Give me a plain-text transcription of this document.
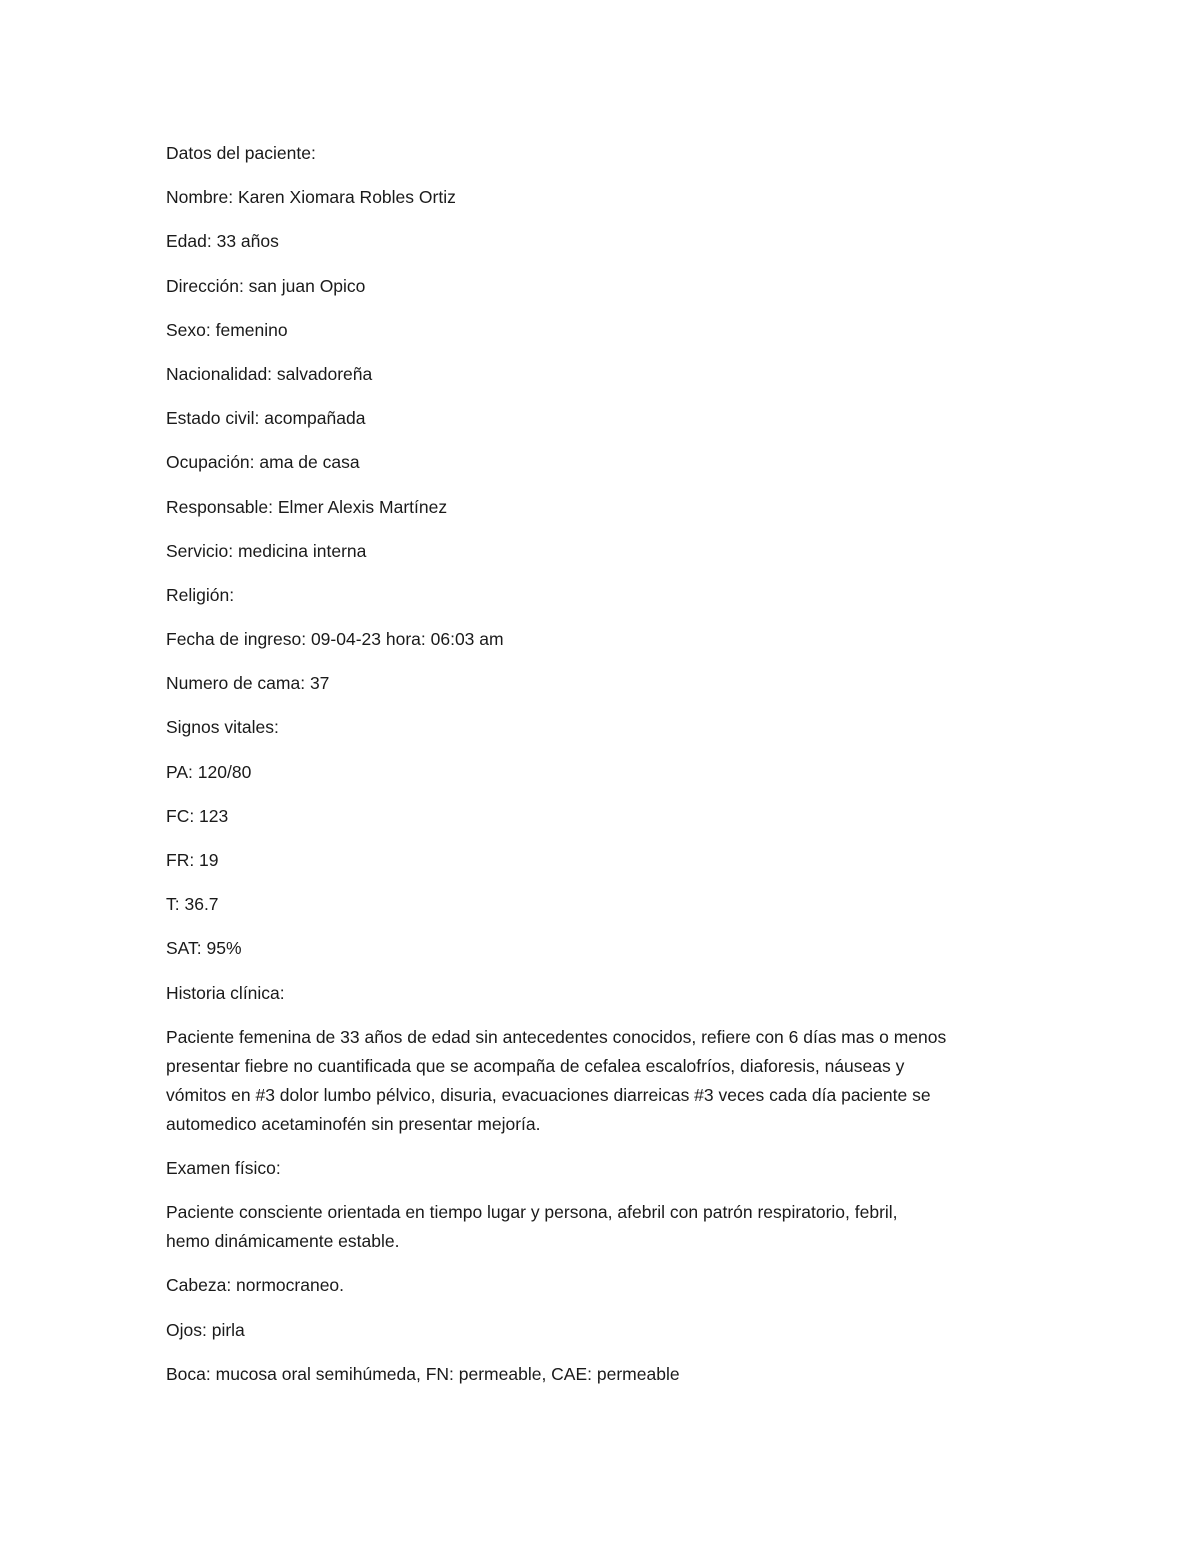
Datos del paciente:
Nombre: Karen Xiomara Robles Ortiz
Edad: 33 años
Dirección: san juan Opico
Sexo: femenino
Nacionalidad: salvadoreña
Estado civil: acompañada
Ocupación: ama de casa
Responsable: Elmer Alexis Martínez
Servicio: medicina interna
Religión:
Fecha de ingreso: 09-04-23 hora: 06:03 am
Numero de cama: 37
Signos vitales:
PA: 120/80
FC: 123
FR: 19
T: 36.7
SAT: 95%
Historia clínica:
Paciente femenina de 33 años de edad sin antecedentes conocidos, refiere con 6 días mas o menos
presentar fiebre no cuantificada que se acompaña de cefalea escalofríos, diaforesis, náuseas y
vómitos en #3 dolor lumbo pélvico, disuria, evacuaciones diarreicas #3 veces cada día paciente se
automedico acetaminofén sin presentar mejoría.
Examen físico:
Paciente consciente orientada en tiempo lugar y persona, afebril con patrón respiratorio, febril,
hemo dinámicamente estable.
Cabeza: normocraneo.
Ojos: pirla
Boca: mucosa oral semihúmeda, FN: permeable, CAE: permeable
